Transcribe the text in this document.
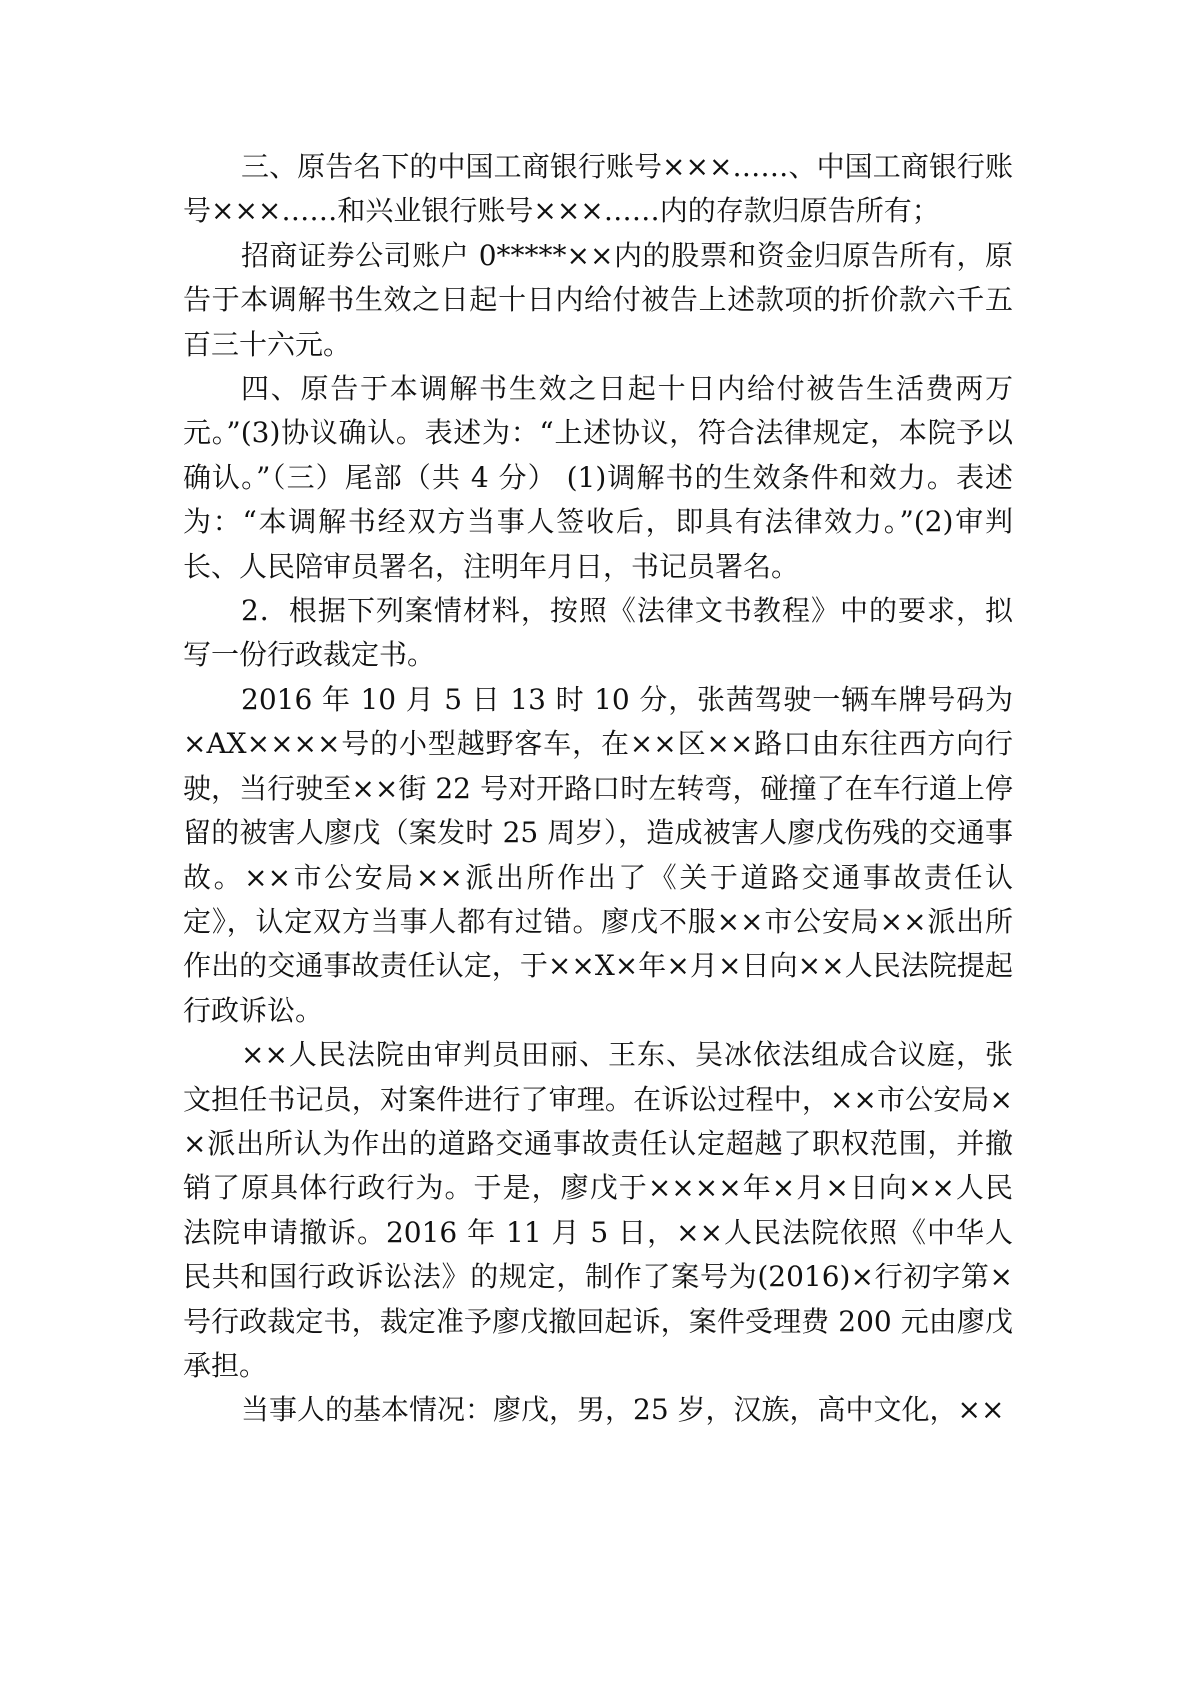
三、原告名下的中国工商银行账号×××……、中国工商银行账号×××……和兴业银行账号×××……内的存款归原告所有；

招商证券公司账户 0*****××内的股票和资金归原告所有，原告于本调解书生效之日起十日内给付被告上述款项的折价款六千五百三十六元。

四、原告于本调解书生效之日起十日内给付被告生活费两万元。”(3)协议确认。表述为：“上述协议，符合法律规定，本院予以确认。”（三）尾部（共 4 分） (1)调解书的生效条件和效力。表述为：“本调解书经双方当事人签收后，即具有法律效力。”(2)审判长、人民陪审员署名，注明年月日，书记员署名。

2．根据下列案情材料，按照《法律文书教程》中的要求，拟写一份行政裁定书。

2016 年 10 月 5 日 13 时 10 分，张茜驾驶一辆车牌号码为×AX××××号的小型越野客车，在××区××路口由东往西方向行驶，当行驶至××街 22 号对开路口时左转弯，碰撞了在车行道上停留的被害人廖戊（案发时 25 周岁），造成被害人廖戊伤残的交通事故。××市公安局××派出所作出了《关于道路交通事故责任认定》，认定双方当事人都有过错。廖戊不服××市公安局××派出所作出的交通事故责任认定，于××X×年×月×日向××人民法院提起行政诉讼。

××人民法院由审判员田丽、王东、吴冰依法组成合议庭，张文担任书记员，对案件进行了审理。在诉讼过程中，××市公安局××派出所认为作出的道路交通事故责任认定超越了职权范围，并撤销了原具体行政行为。于是，廖戊于××××年×月×日向××人民法院申请撤诉。2016 年 11 月 5 日，××人民法院依照《中华人民共和国行政诉讼法》的规定，制作了案号为(2016)×行初字第×号行政裁定书，裁定准予廖戊撤回起诉，案件受理费 200 元由廖戊承担。

当事人的基本情况：廖戊，男，25 岁，汉族，高中文化，××
